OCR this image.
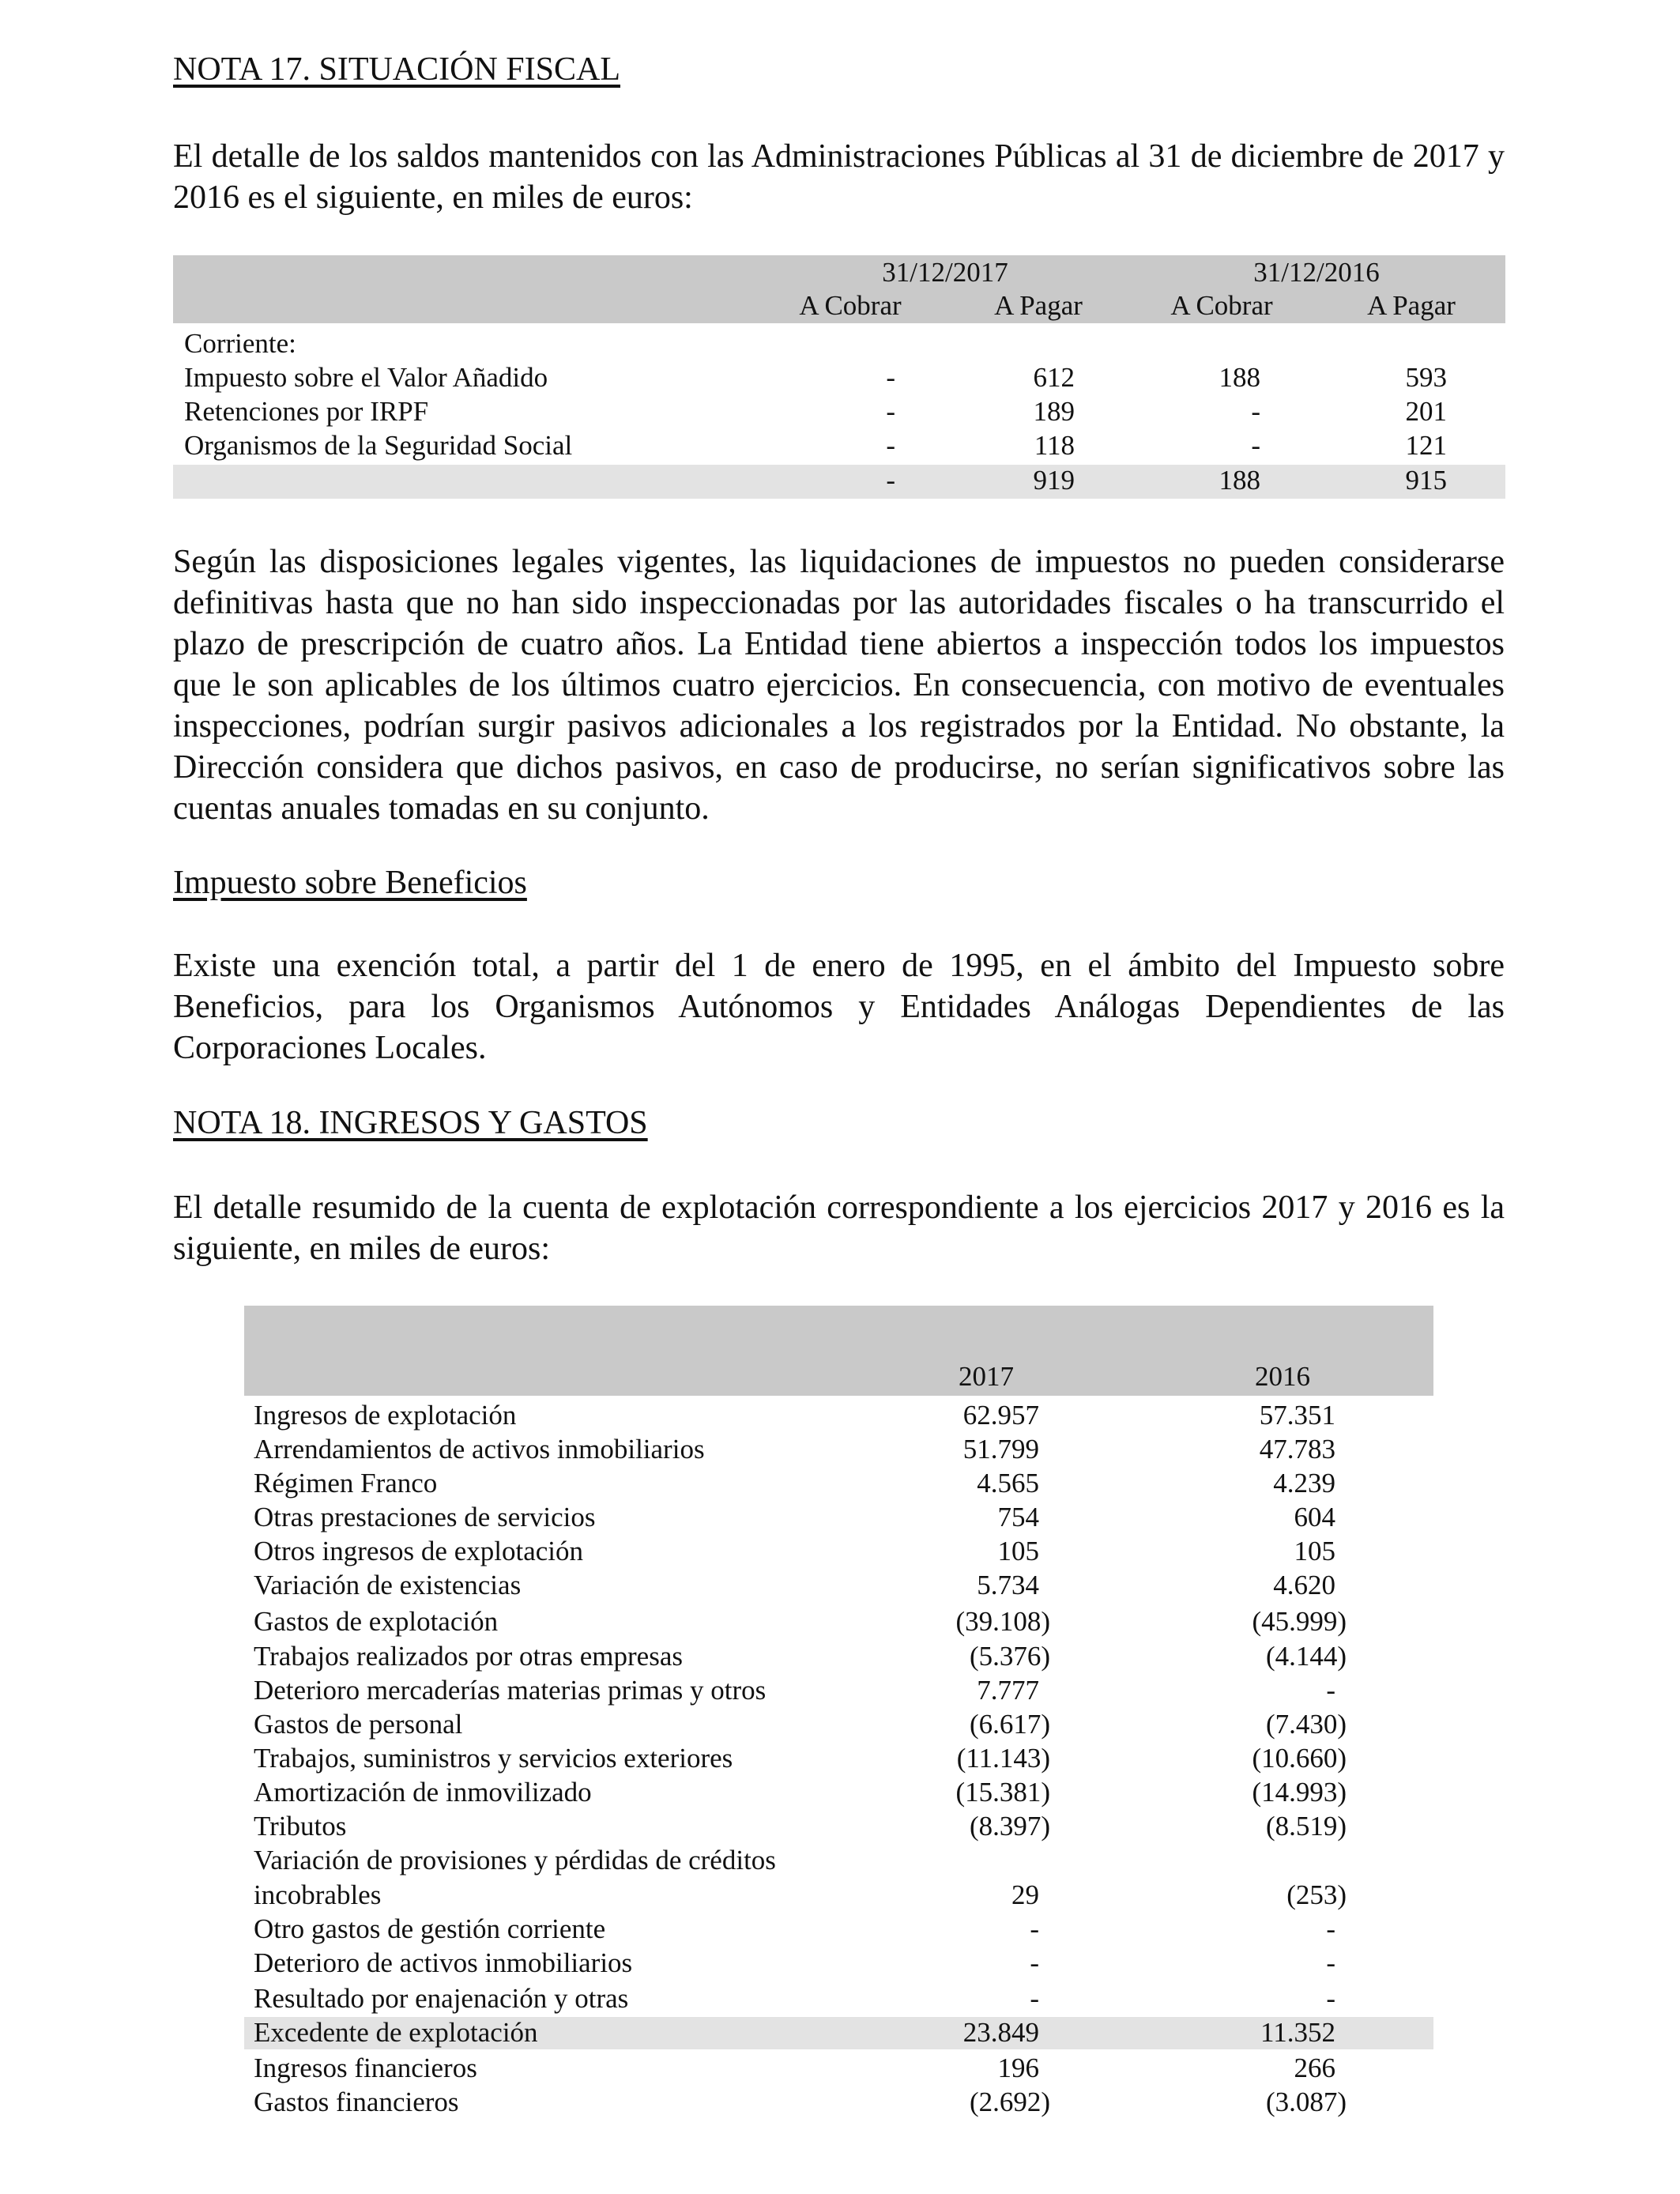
NOTA 17. SITUACIÓN FISCAL
El detalle de los saldos mantenidos con las Administraciones Públicas al 31 de diciembre de 2017 y 2016 es el siguiente, en miles de euros:
31/12/2017	31/12/2016
A Cobrar	A Pagar	A Cobrar	A Pagar
Corriente:
Impuesto sobre el Valor Añadido	-	612	188	593
Retenciones por IRPF	-	189	-	201
Organismos de la Seguridad Social	-	118	-	121
-	919	188	915
Según las disposiciones legales vigentes, las liquidaciones de impuestos no pueden considerarse definitivas hasta que no han sido inspeccionadas por las autoridades fiscales o ha transcurrido el plazo de prescripción de cuatro años. La Entidad tiene abiertos a inspección todos los impuestos que le son aplicables de los últimos cuatro ejercicios. En consecuencia, con motivo de eventuales inspecciones, podrían surgir pasivos adicionales a los registrados por la Entidad. No obstante, la Dirección considera que dichos pasivos, en caso de producirse, no serían significativos sobre las cuentas anuales tomadas en su conjunto.
Impuesto sobre Beneficios
Existe una exención total, a partir del 1 de enero de 1995, en el ámbito del Impuesto sobre Beneficios, para los Organismos Autónomos y Entidades Análogas Dependientes de las Corporaciones Locales.
NOTA 18. INGRESOS Y GASTOS
El detalle resumido de la cuenta de explotación correspondiente a los ejercicios 2017 y 2016 es la siguiente, en miles de euros:
2017	2016
Ingresos de explotación	62.957	57.351
Arrendamientos de activos inmobiliarios	51.799	47.783
Régimen Franco	4.565	4.239
Otras prestaciones de servicios	754	604
Otros ingresos de explotación	105	105
Variación de existencias	5.734	4.620
Gastos de explotación	(39.108)	(45.999)
Trabajos realizados por otras empresas	(5.376)	(4.144)
Deterioro mercaderías materias primas y otros	7.777	-
Gastos de personal	(6.617)	(7.430)
Trabajos, suministros y servicios exteriores	(11.143)	(10.660)
Amortización de inmovilizado	(15.381)	(14.993)
Tributos	(8.397)	(8.519)
Variación de provisiones y pérdidas de créditos
incobrables	29	(253)
Otro gastos de gestión corriente	-	-
Deterioro de activos inmobiliarios	-	-
Resultado por enajenación y otras	-	-
Excedente de explotación	23.849	11.352
Ingresos financieros	196	266
Gastos financieros	(2.692)	(3.087)
